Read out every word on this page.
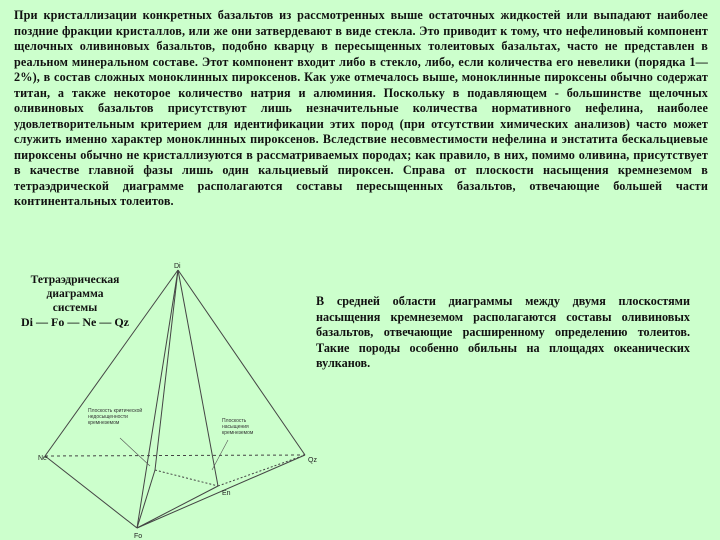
При кристаллизации конкретных базальтов из рассмотренных выше остаточных жидкостей или выпадают наиболее поздние фракции кристаллов, или же они затвердевают в виде стекла. Это приводит к тому, что нефелиновый компонент щелочных оливиновых базальтов, подобно кварцу в пересыщенных толеитовых базальтах, часто не представлен в реальном минеральном составе. Этот компонент входит либо в стекло, либо, если количества его невелики (порядка 1—2%), в состав сложных моноклинных пироксенов. Как уже отмечалось выше, моноклинные пироксены обычно содержат титан, а также некоторое количество натрия и алюминия. Поскольку в подавляющем - большинстве щелочных оливиновых базальтов присутствуют лишь незначительные количества нормативного нефелина, наиболее удовлетворительным критерием для идентификации этих пород (при отсутствии химических анализов) часто может служить именно характер моноклинных пироксенов. Вследствие несовместимости нефелина и энстатита бескальциевые пироксены обычно не кристаллизуются в рассматриваемых породах; как правило, в них, помимо оливина, присутствует в качестве главной фазы лишь один кальциевый пироксен. Справа от плоскости насыщения кремнеземом в тетраэдрической диаграмме располагаются составы пересыщенных базальтов, отвечающие большей части континентальных толеитов.
Тетраэдрическая
диаграмма
системы
Di — Fo — Ne — Qz
В средней области диаграммы между двумя плоскостями насыщения кремнеземом располагаются составы оливиновых базальтов, отвечающие расширенному определению толеитов. Такие породы особенно обильны на площадях океанических вулканов.
Di
Ne	Qz
Fo
En
Плоскость критической недосыщенности кремнеземом	Плоскость насыщения кремнеземом
